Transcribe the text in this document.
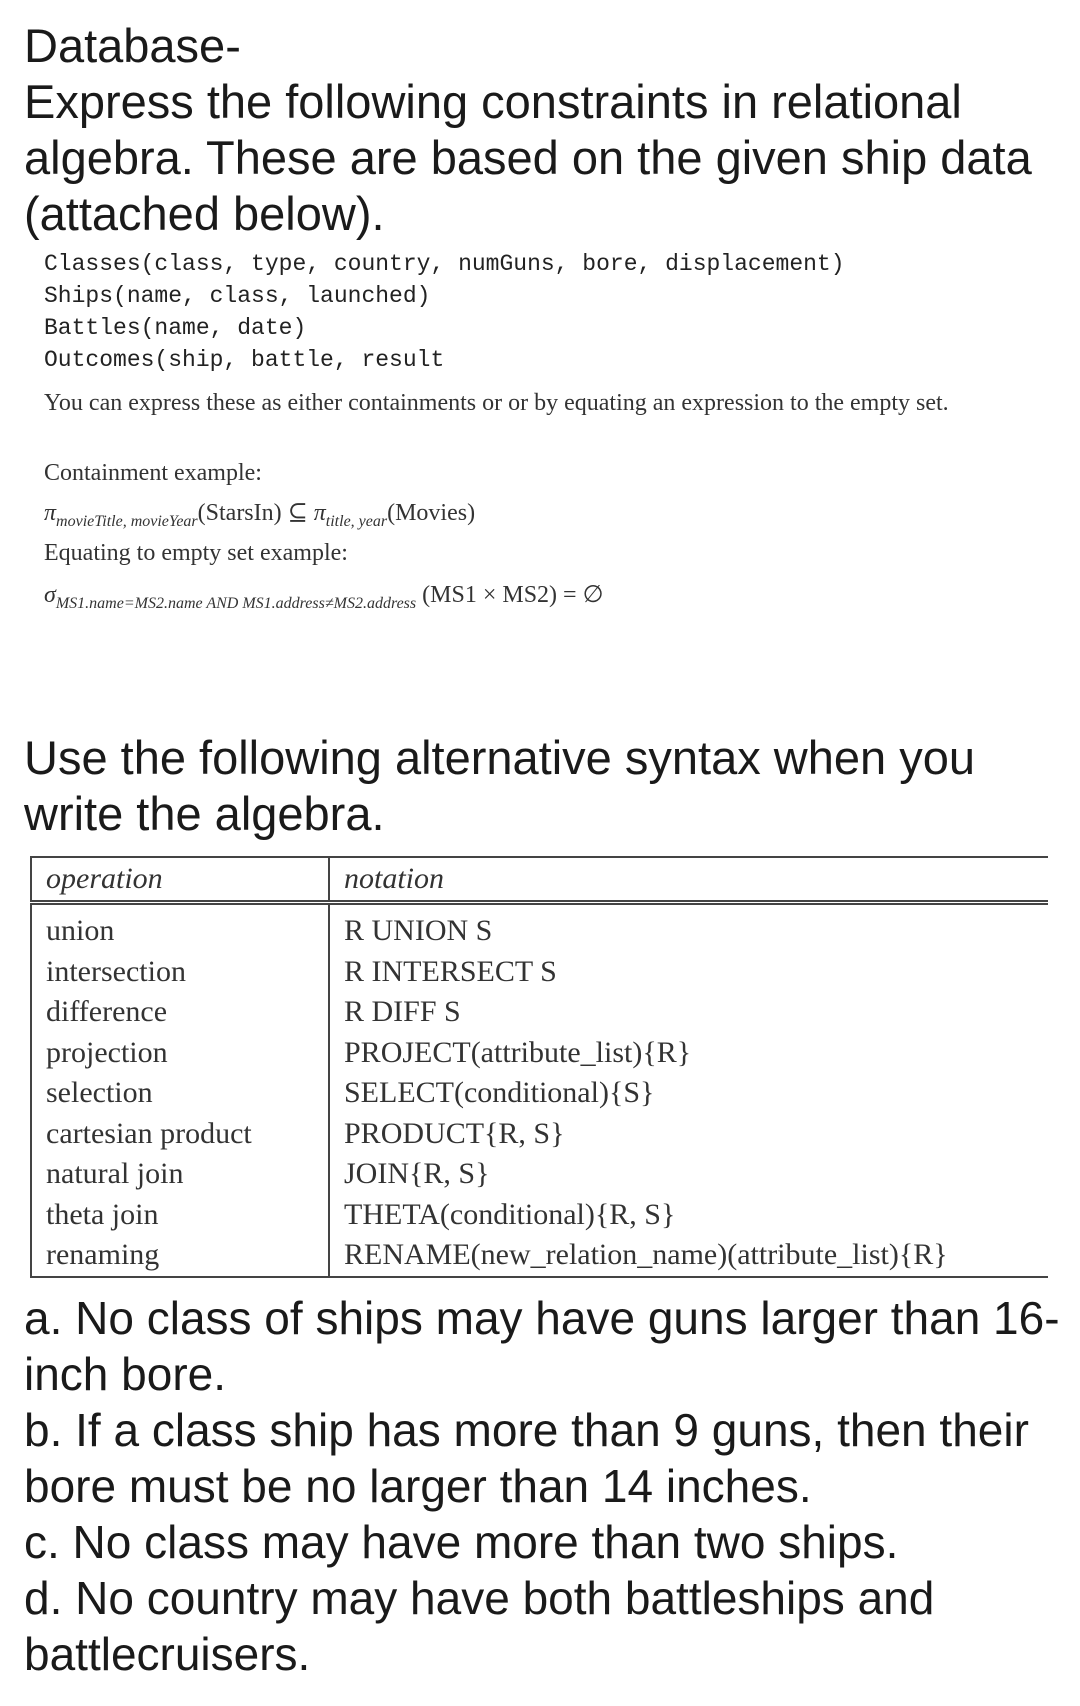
Database-
Express the following constraints in relational algebra. These are based on the given ship data (attached below).
Classes(class, type, country, numGuns, bore, displacement)
Ships(name, class, launched)
Battles(name, date)
Outcomes(ship, battle, result
You can express these as either containments or or by equating an expression to the empty set.
Containment example:
$\pi_{movieTitle, movieYear}(StarsIn)$ ⊆ $\pi_{title, year}(Movies)$
Equating to empty set example:
$\sigma_{MS1.name=MS2.name AND MS1.address\ne MS2.address}$ (MS1 × MS2) = ∅
Use the following alternative syntax when you write the algebra.
operation	notation
union	R UNION S
intersection	R INTERSECT S
difference	R DIFF S
projection	PROJECT(attribute_list){R}
selection	SELECT(conditional){S}
cartesian product	PRODUCT{R, S}
natural join	JOIN{R, S}
theta join	THETA(conditional){R, S}
renaming	RENAME(new_relation_name)(attribute_list){R}
a. No class of ships may have guns larger than 16-inch bore.
b. If a class ship has more than 9 guns, then their bore must be no larger than 14 inches.
c. No class may have more than two ships.
d. No country may have both battleships and battlecruisers.
